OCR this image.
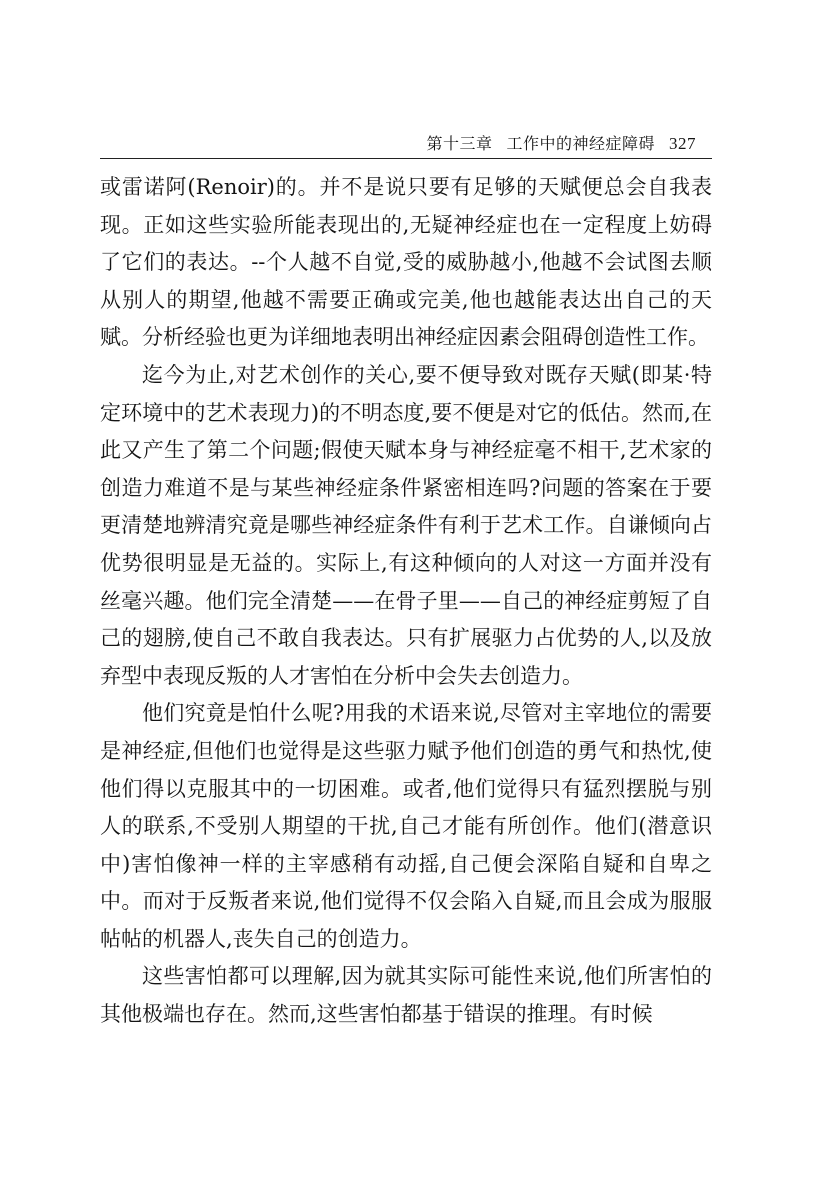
第十三章 工作中的神经症障碍 327

或雷诺阿(Renoir)的。并不是说只要有足够的天赋便总会自我表现。正如这些实验所能表现出的,无疑神经症也在一定程度上妨碍了它们的表达。--个人越不自觉,受的威胁越小,他越不会试图去顺从别人的期望,他越不需要正确或完美,他也越能表达出自己的天赋。分析经验也更为详细地表明出神经症因素会阻碍创造性工作。

迄今为止,对艺术创作的关心,要不便导致对既存天赋(即某·特定环境中的艺术表现力)的不明态度,要不便是对它的低估。然而,在此又产生了第二个问题;假使天赋本身与神经症毫不相干,艺术家的创造力难道不是与某些神经症条件紧密相连吗?问题的答案在于要更清楚地辨清究竟是哪些神经症条件有利于艺术工作。自谦倾向占优势很明显是无益的。实际上,有这种倾向的人对这一方面并没有丝毫兴趣。他们完全清楚——在骨子里——自己的神经症剪短了自己的翅膀,使自己不敢自我表达。只有扩展驱力占优势的人,以及放弃型中表现反叛的人才害怕在分析中会失去创造力。

他们究竟是怕什么呢?用我的术语来说,尽管对主宰地位的需要是神经症,但他们也觉得是这些驱力赋予他们创造的勇气和热忱,使他们得以克服其中的一切困难。或者,他们觉得只有猛烈摆脱与别人的联系,不受别人期望的干扰,自己才能有所创作。他们(潜意识中)害怕像神一样的主宰感稍有动摇,自己便会深陷自疑和自卑之中。而对于反叛者来说,他们觉得不仅会陷入自疑,而且会成为服服帖帖的机器人,丧失自己的创造力。

这些害怕都可以理解,因为就其实际可能性来说,他们所害怕的其他极端也存在。然而,这些害怕都基于错误的推理。有时候
